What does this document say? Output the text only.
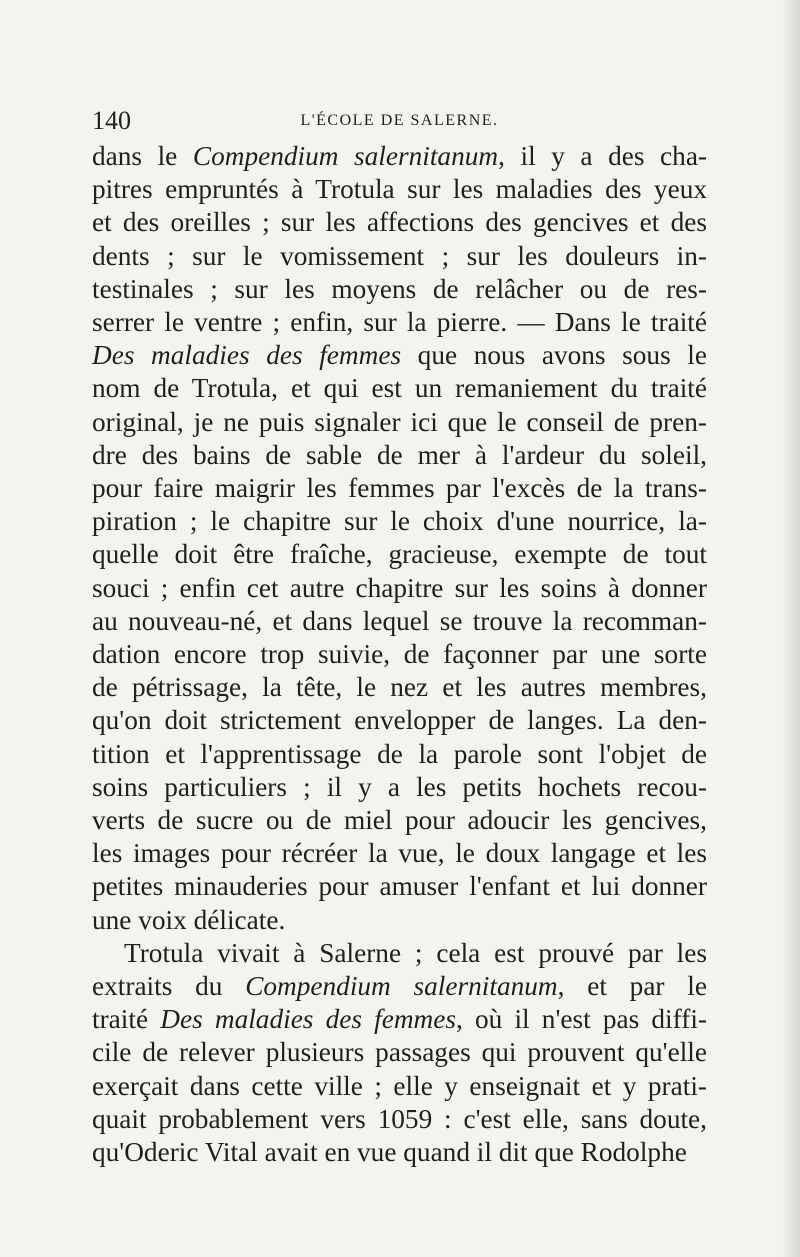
140	L'ÉCOLE DE SALERNE.

dans le Compendium salernitanum, il y a des cha-
pitres empruntés à Trotula sur les maladies des yeux
et des oreilles ; sur les affections des gencives et des
dents ; sur le vomissement ; sur les douleurs in-
testinales ; sur les moyens de relâcher ou de res-
serrer le ventre ; enfin, sur la pierre. — Dans le traité
Des maladies des femmes que nous avons sous le
nom de Trotula, et qui est un remaniement du traité
original, je ne puis signaler ici que le conseil de pren-
dre des bains de sable de mer à l'ardeur du soleil,
pour faire maigrir les femmes par l'excès de la trans-
piration ; le chapitre sur le choix d'une nourrice, la-
quelle doit être fraîche, gracieuse, exempte de tout
souci ; enfin cet autre chapitre sur les soins à donner
au nouveau-né, et dans lequel se trouve la recomman-
dation encore trop suivie, de façonner par une sorte
de pétrissage, la tête, le nez et les autres membres,
qu'on doit strictement envelopper de langes. La den-
tition et l'apprentissage de la parole sont l'objet de
soins particuliers ; il y a les petits hochets recou-
verts de sucre ou de miel pour adoucir les gencives,
les images pour récréer la vue, le doux langage et les
petites minauderies pour amuser l'enfant et lui donner
une voix délicate.

Trotula vivait à Salerne ; cela est prouvé par les
extraits du Compendium salernitanum, et par le
traité Des maladies des femmes, où il n'est pas diffi-
cile de relever plusieurs passages qui prouvent qu'elle
exerçait dans cette ville ; elle y enseignait et y prati-
quait probablement vers 1059 : c'est elle, sans doute,
qu'Oderic Vital avait en vue quand il dit que Rodolphe
